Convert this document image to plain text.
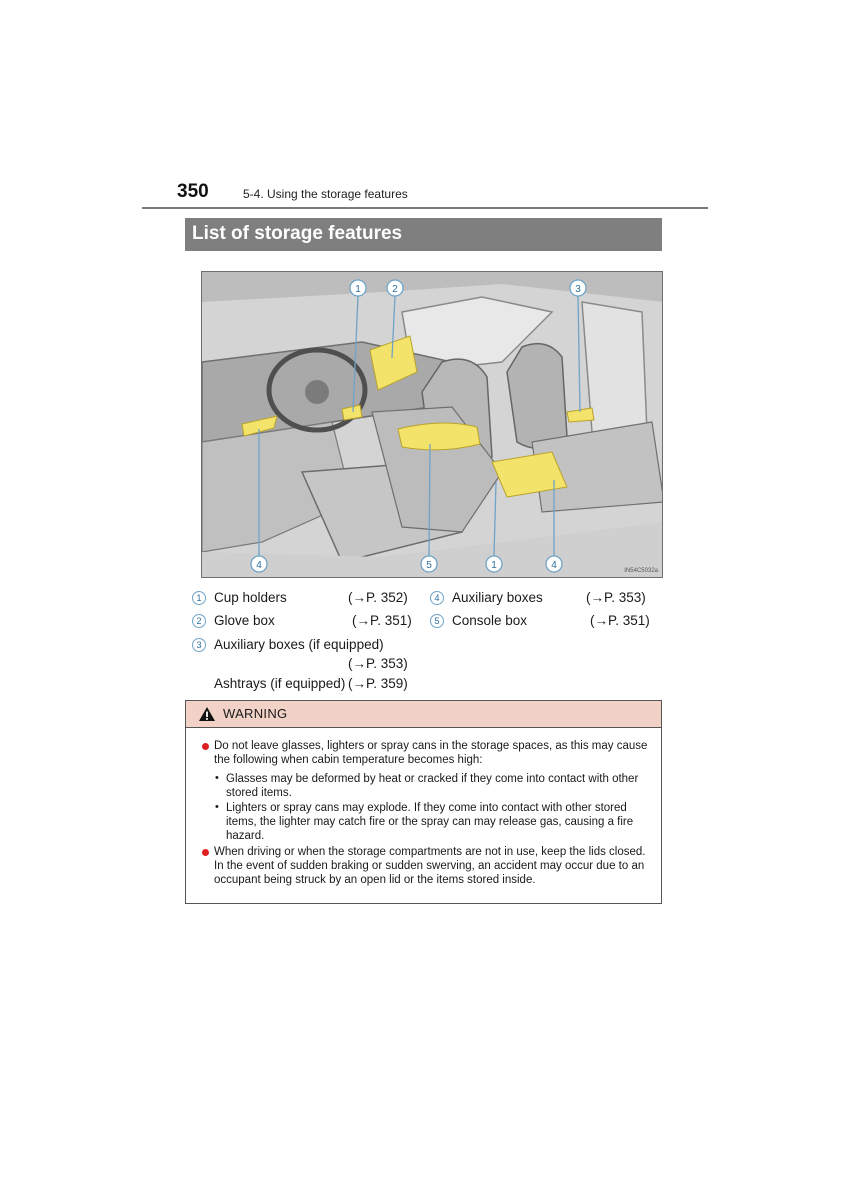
350	5-4. Using the storage features
List of storage features
1	2	3
4	5	1	4	IN54C5032a
1 Cup holders	(→P. 352)
2 Glove box	(→P. 351)
3 Auxiliary boxes (if equipped)
(→P. 353)
Ashtrays (if equipped) (→P. 359)
4 Auxiliary boxes	(→P. 353)
5 Console box	(→P. 351)
WARNING
Do not leave glasses, lighters or spray cans in the storage spaces, as this may cause
the following when cabin temperature becomes high:
• Glasses may be deformed by heat or cracked if they come into contact with other
stored items.
• Lighters or spray cans may explode. If they come into contact with other stored
items, the lighter may catch fire or the spray can may release gas, causing a fire
hazard.
When driving or when the storage compartments are not in use, keep the lids closed.
In the event of sudden braking or sudden swerving, an accident may occur due to an
occupant being struck by an open lid or the items stored inside.
